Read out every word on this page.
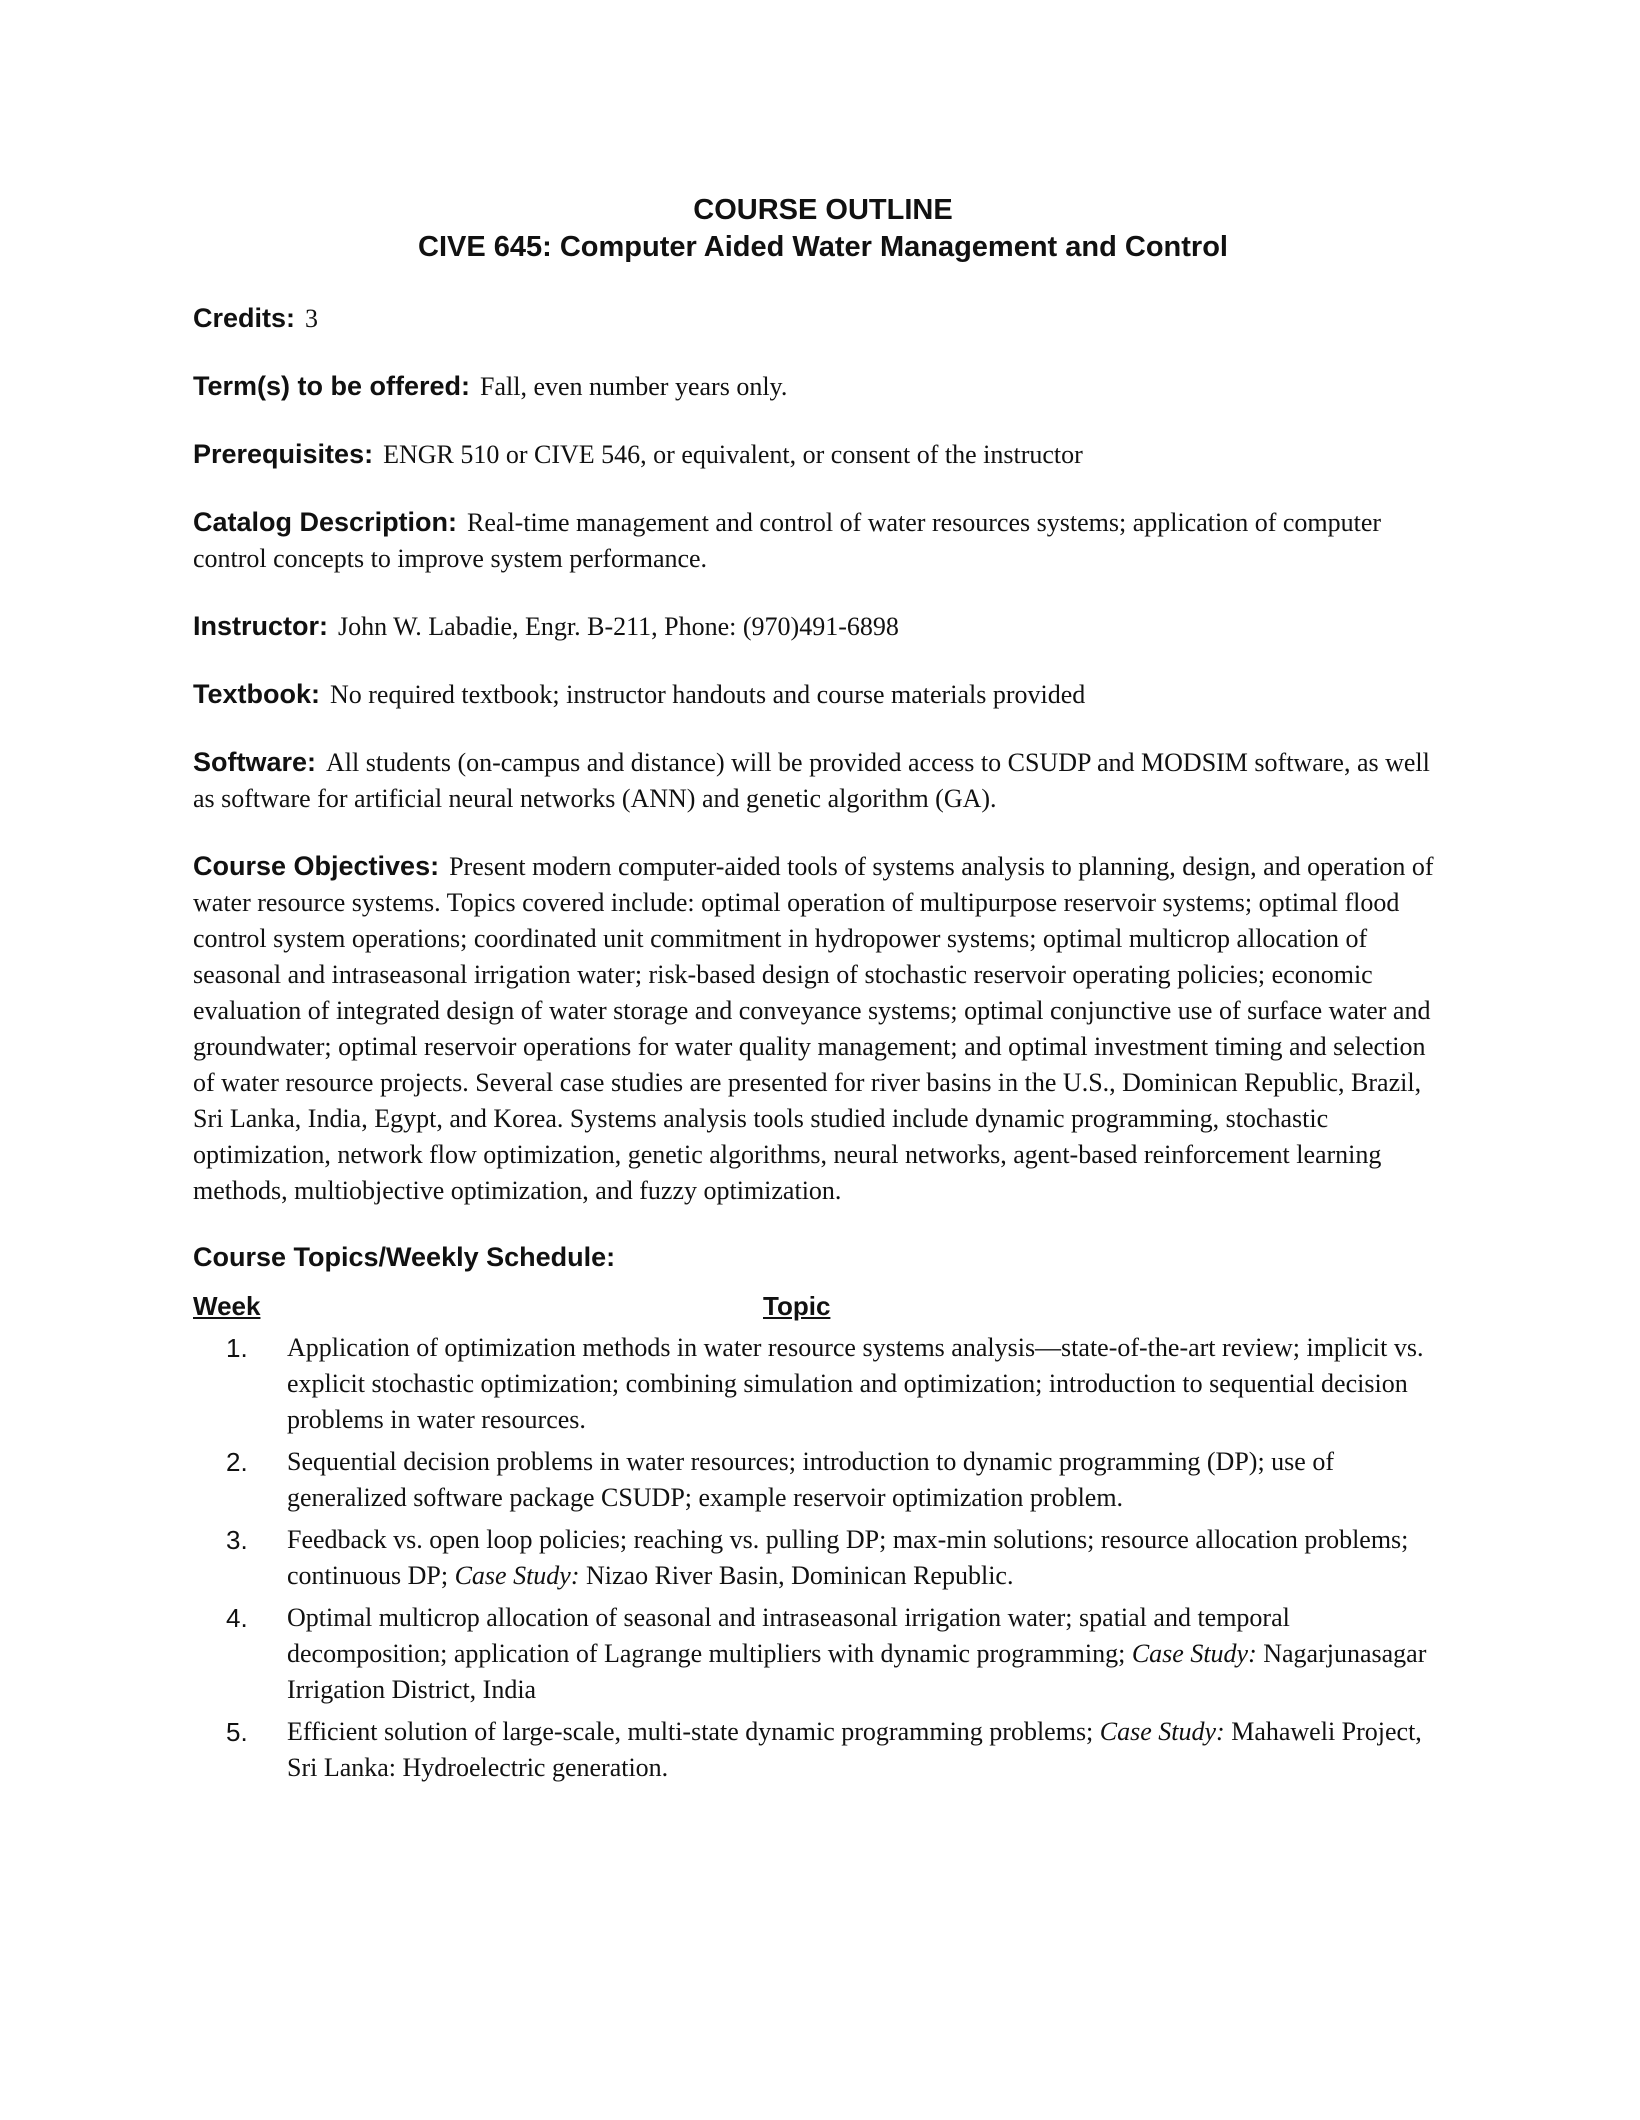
COURSE OUTLINE
CIVE 645: Computer Aided Water Management and Control

Credits: 3

Term(s) to be offered: Fall, even number years only.

Prerequisites: ENGR 510 or CIVE 546, or equivalent, or consent of the instructor

Catalog Description: Real-time management and control of water resources systems; application of computer control concepts to improve system performance.

Instructor: John W. Labadie, Engr. B-211, Phone: (970)491-6898

Textbook: No required textbook; instructor handouts and course materials provided

Software: All students (on-campus and distance) will be provided access to CSUDP and MODSIM software, as well as software for artificial neural networks (ANN) and genetic algorithm (GA).

Course Objectives: Present modern computer-aided tools of systems analysis to planning, design, and operation of water resource systems. Topics covered include: optimal operation of multipurpose reservoir systems; optimal flood control system operations; coordinated unit commitment in hydropower systems; optimal multicrop allocation of seasonal and intraseasonal irrigation water; risk-based design of stochastic reservoir operating policies; economic evaluation of integrated design of water storage and conveyance systems; optimal conjunctive use of surface water and groundwater; optimal reservoir operations for water quality management; and optimal investment timing and selection of water resource projects. Several case studies are presented for river basins in the U.S., Dominican Republic, Brazil, Sri Lanka, India, Egypt, and Korea. Systems analysis tools studied include dynamic programming, stochastic optimization, network flow optimization, genetic algorithms, neural networks, agent-based reinforcement learning methods, multiobjective optimization, and fuzzy optimization.

Course Topics/Weekly Schedule:
Week	Topic
1. Application of optimization methods in water resource systems analysis—state-of-the-art review; implicit vs. explicit stochastic optimization; combining simulation and optimization; introduction to sequential decision problems in water resources.
2. Sequential decision problems in water resources; introduction to dynamic programming (DP); use of generalized software package CSUDP; example reservoir optimization problem.
3. Feedback vs. open loop policies; reaching vs. pulling DP; max-min solutions; resource allocation problems; continuous DP; Case Study: Nizao River Basin, Dominican Republic.
4. Optimal multicrop allocation of seasonal and intraseasonal irrigation water; spatial and temporal decomposition; application of Lagrange multipliers with dynamic programming; Case Study: Nagarjunasagar Irrigation District, India
5. Efficient solution of large-scale, multi-state dynamic programming problems; Case Study: Mahaweli Project, Sri Lanka: Hydroelectric generation.
